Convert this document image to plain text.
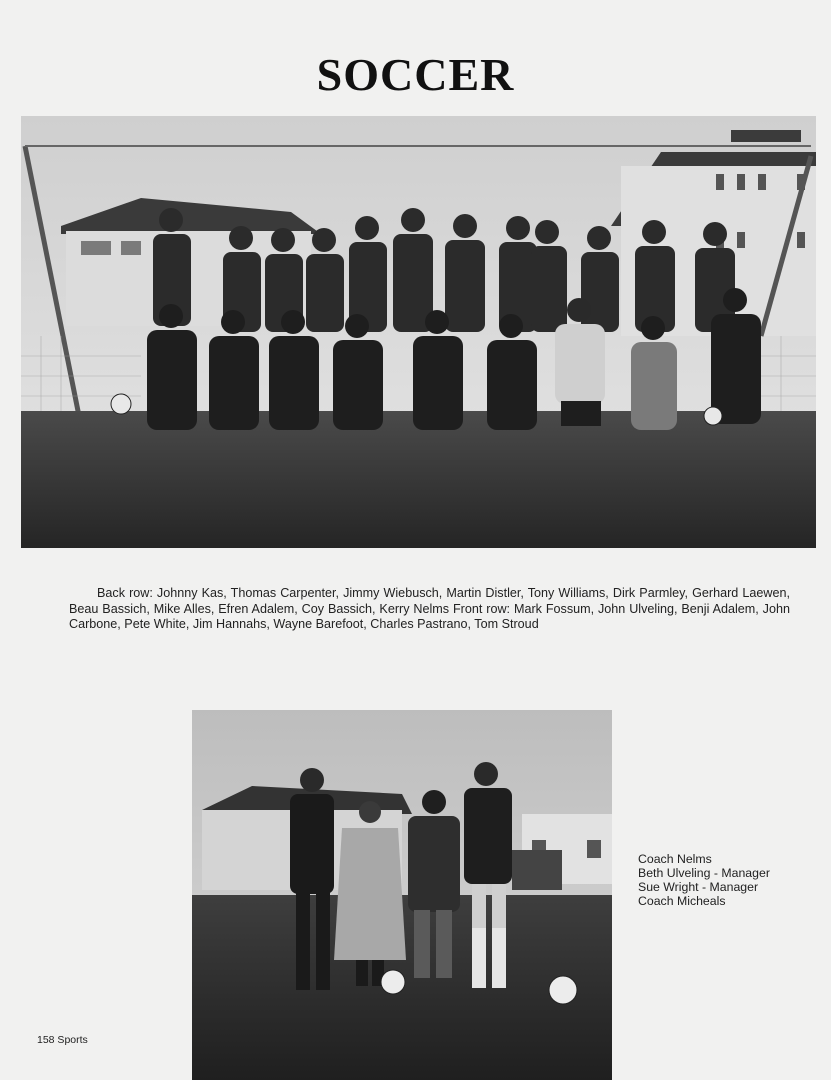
SOCCER
Back row: Johnny Kas, Thomas Carpenter, Jimmy Wiebusch, Martin Distler, Tony Williams, Dirk Parmley, Gerhard Laewen, Beau Bassich, Mike Alles, Efren Adalem, Coy Bassich, Kerry Nelms Front row: Mark Fossum, John Ulveling, Benji Adalem, John Carbone, Pete White, Jim Hannahs, Wayne Barefoot, Charles Pastrano, Tom Stroud
Coach Nelms
Beth Ulveling - Manager
Sue Wright - Manager
Coach Micheals
158 Sports
